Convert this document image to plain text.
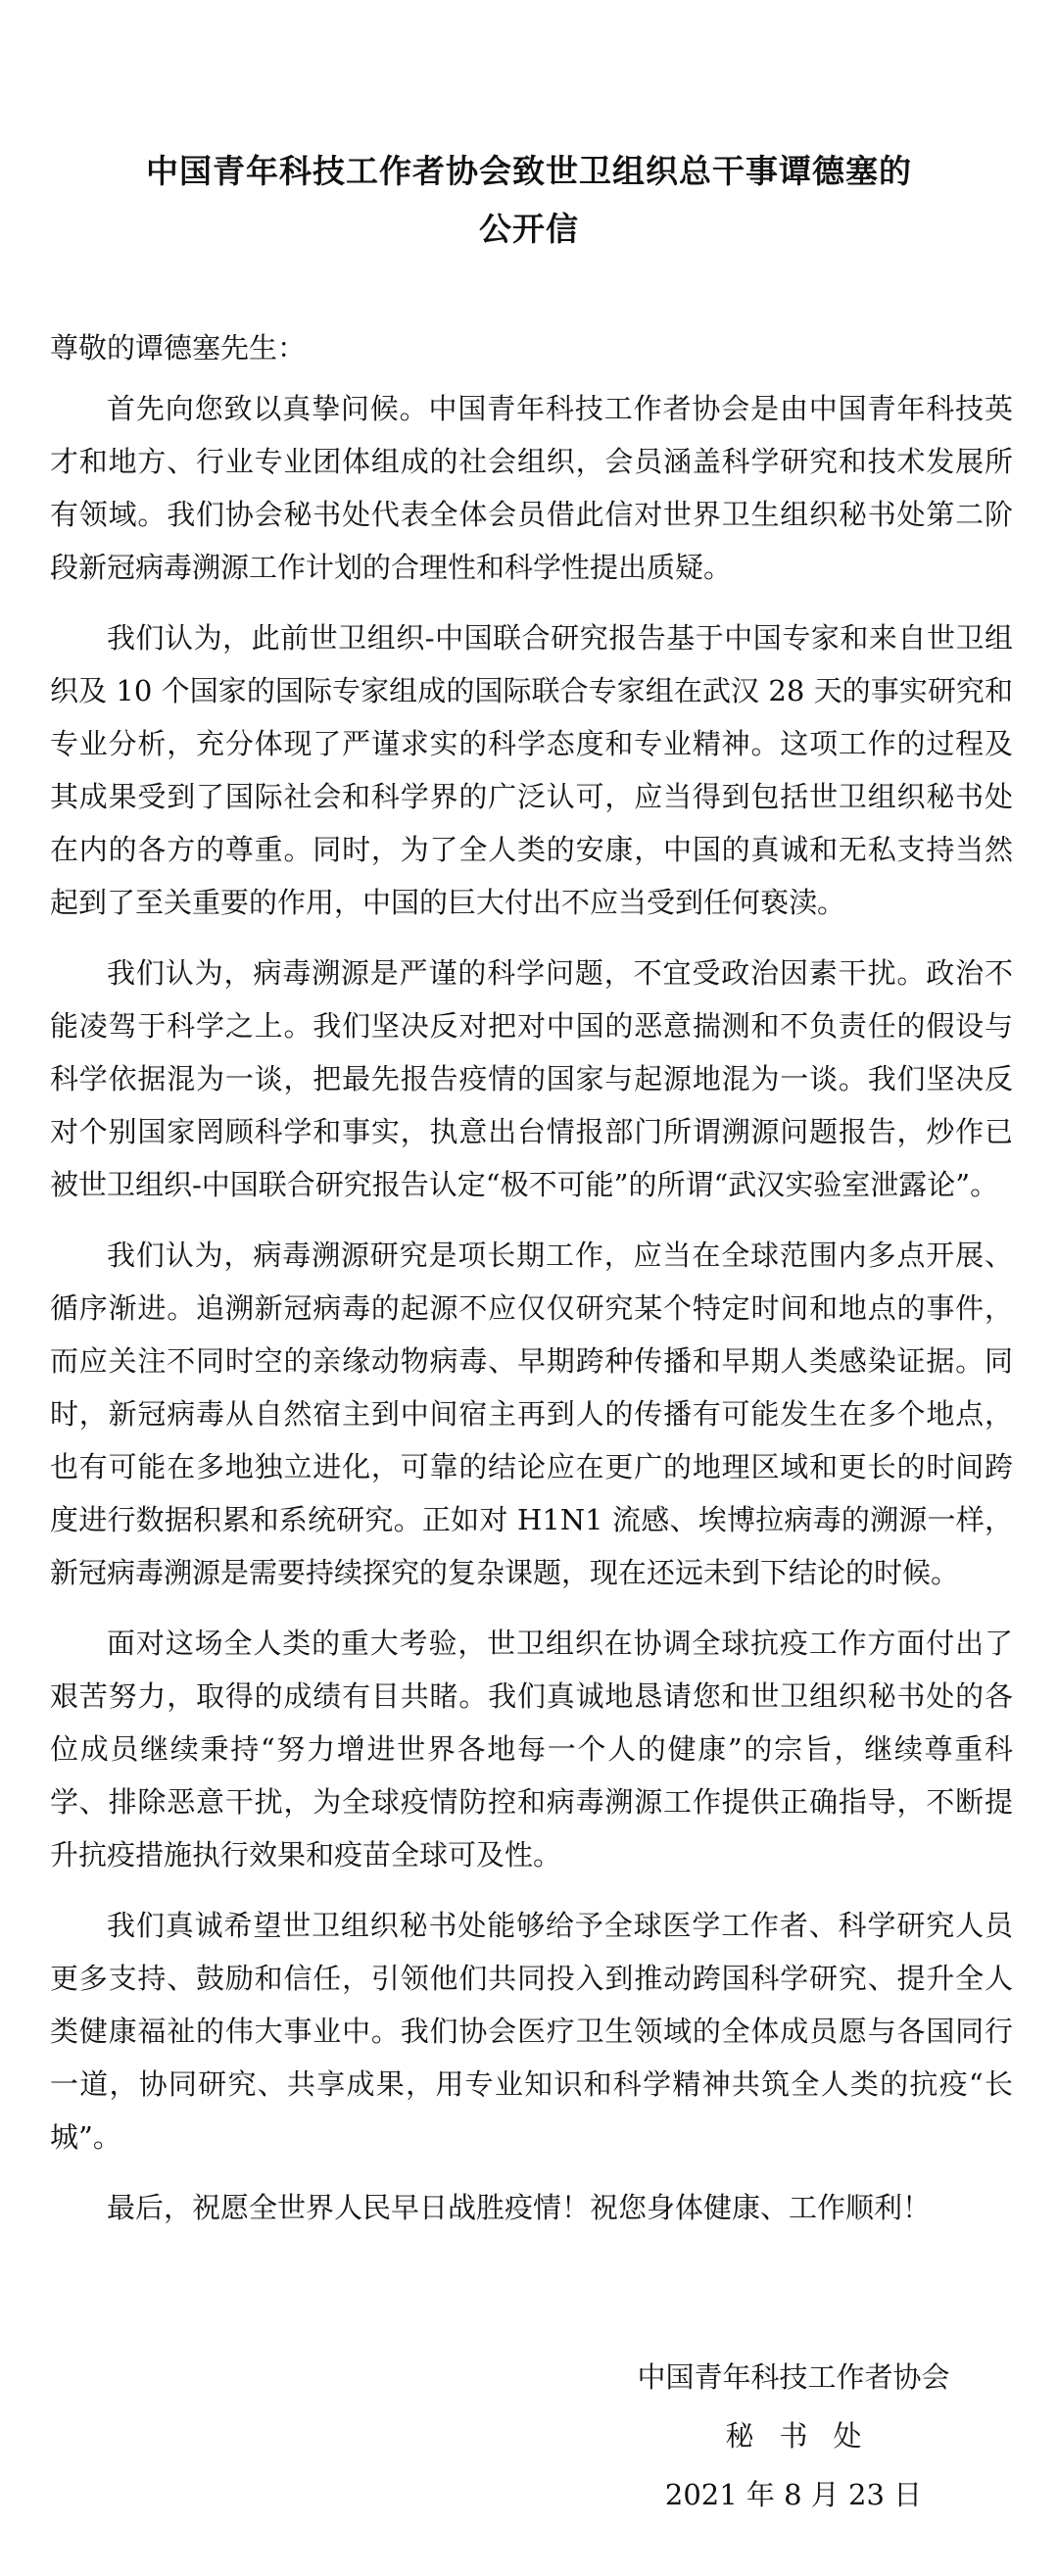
中国青年科技工作者协会致世卫组织总干事谭德塞的
公开信

尊敬的谭德塞先生：

首先向您致以真挚问候。中国青年科技工作者协会是由中国青年科技英才和地方、行业专业团体组成的社会组织，会员涵盖科学研究和技术发展所有领域。我们协会秘书处代表全体会员借此信对世界卫生组织秘书处第二阶段新冠病毒溯源工作计划的合理性和科学性提出质疑。

我们认为，此前世卫组织-中国联合研究报告基于中国专家和来自世卫组织及 10 个国家的国际专家组成的国际联合专家组在武汉 28 天的事实研究和专业分析，充分体现了严谨求实的科学态度和专业精神。这项工作的过程及其成果受到了国际社会和科学界的广泛认可，应当得到包括世卫组织秘书处在内的各方的尊重。同时，为了全人类的安康，中国的真诚和无私支持当然起到了至关重要的作用，中国的巨大付出不应当受到任何亵渎。

我们认为，病毒溯源是严谨的科学问题，不宜受政治因素干扰。政治不能凌驾于科学之上。我们坚决反对把对中国的恶意揣测和不负责任的假设与科学依据混为一谈，把最先报告疫情的国家与起源地混为一谈。我们坚决反对个别国家罔顾科学和事实，执意出台情报部门所谓溯源问题报告，炒作已被世卫组织-中国联合研究报告认定“极不可能”的所谓“武汉实验室泄露论”。

我们认为，病毒溯源研究是项长期工作，应当在全球范围内多点开展、循序渐进。追溯新冠病毒的起源不应仅仅研究某个特定时间和地点的事件，而应关注不同时空的亲缘动物病毒、早期跨种传播和早期人类感染证据。同时，新冠病毒从自然宿主到中间宿主再到人的传播有可能发生在多个地点，也有可能在多地独立进化，可靠的结论应在更广的地理区域和更长的时间跨度进行数据积累和系统研究。正如对 H1N1 流感、埃博拉病毒的溯源一样，新冠病毒溯源是需要持续探究的复杂课题，现在还远未到下结论的时候。

面对这场全人类的重大考验，世卫组织在协调全球抗疫工作方面付出了艰苦努力，取得的成绩有目共睹。我们真诚地恳请您和世卫组织秘书处的各位成员继续秉持“努力增进世界各地每一个人的健康”的宗旨，继续尊重科学、排除恶意干扰，为全球疫情防控和病毒溯源工作提供正确指导，不断提升抗疫措施执行效果和疫苗全球可及性。

我们真诚希望世卫组织秘书处能够给予全球医学工作者、科学研究人员更多支持、鼓励和信任，引领他们共同投入到推动跨国科学研究、提升全人类健康福祉的伟大事业中。我们协会医疗卫生领域的全体成员愿与各国同行一道，协同研究、共享成果，用专业知识和科学精神共筑全人类的抗疫“长城”。

最后，祝愿全世界人民早日战胜疫情！祝您身体健康、工作顺利！

中国青年科技工作者协会

秘书处

2021 年 8 月 23 日
